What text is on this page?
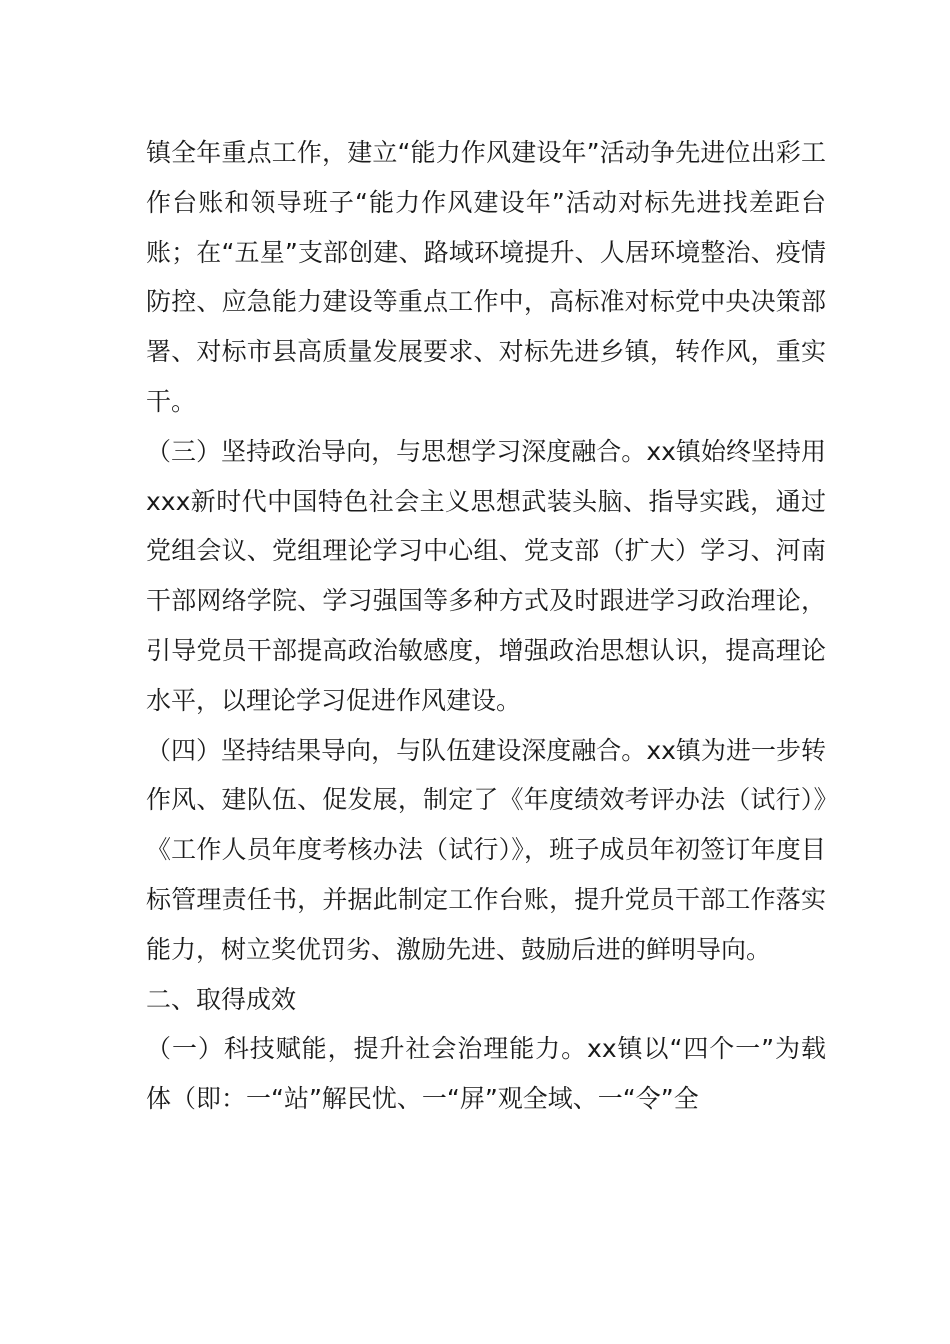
镇全年重点工作，建立“能力作风建设年”活动争先进位出彩工作台账和领导班子“能力作风建设年”活动对标先进找差距台账；在“五星”支部创建、路域环境提升、人居环境整治、疫情防控、应急能力建设等重点工作中，高标准对标党中央决策部署、对标市县高质量发展要求、对标先进乡镇，转作风，重实干。

（三）坚持政治导向，与思想学习深度融合。xx镇始终坚持用xxx新时代中国特色社会主义思想武装头脑、指导实践，通过党组会议、党组理论学习中心组、党支部（扩大）学习、河南干部网络学院、学习强国等多种方式及时跟进学习政治理论，引导党员干部提高政治敏感度，增强政治思想认识，提高理论水平，以理论学习促进作风建设。

（四）坚持结果导向，与队伍建设深度融合。xx镇为进一步转作风、建队伍、促发展，制定了《年度绩效考评办法（试行）》《工作人员年度考核办法（试行）》，班子成员年初签订年度目标管理责任书，并据此制定工作台账，提升党员干部工作落实能力，树立奖优罚劣、激励先进、鼓励后进的鲜明导向。

二、取得成效

（一）科技赋能，提升社会治理能力。xx镇以“四个一”为载体（即：一“站”解民忧、一“屏”观全域、一“令”全
